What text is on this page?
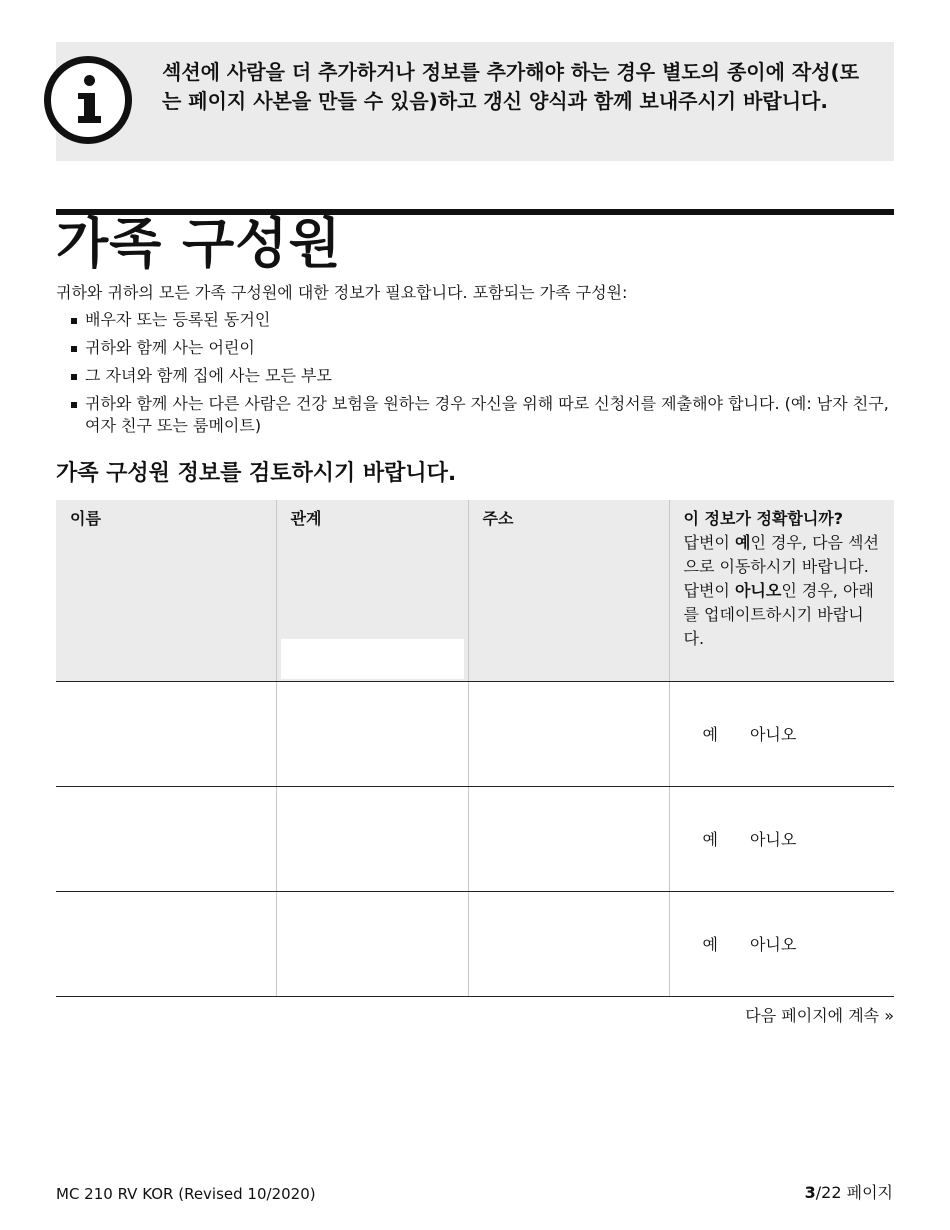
섹션에 사람을 더 추가하거나 정보를 추가해야 하는 경우 별도의 종이에 작성(또는 페이지 사본을 만들 수 있음)하고 갱신 양식과 함께 보내주시기 바랍니다.
가족 구성원

귀하와 귀하의 모든 가족 구성원에 대한 정보가 필요합니다. 포함되는 가족 구성원:

배우자 또는 등록된 동거인
귀하와 함께 사는 어린이
그 자녀와 함께 집에 사는 모든 부모
귀하와 함께 사는 다른 사람은 건강 보험을 원하는 경우 자신을 위해 따로 신청서를 제출해야 합니다. (예: 남자 친구, 여자 친구 또는 룸메이트)
가족 구성원 정보를 검토하시기 바랍니다.
이름	관계	주소	이 정보가 정확합니까?
답변이 예인 경우, 다음 섹션으로 이동하시기 바랍니다. 답변이 아니오인 경우, 아래를 업데이트하시기 바랍니다.
			예 아니오
			예 아니오
			예 아니오
다음 페이지에 계속 »
MC 210 RV KOR (Revised 10/2020)	3/22 페이지
